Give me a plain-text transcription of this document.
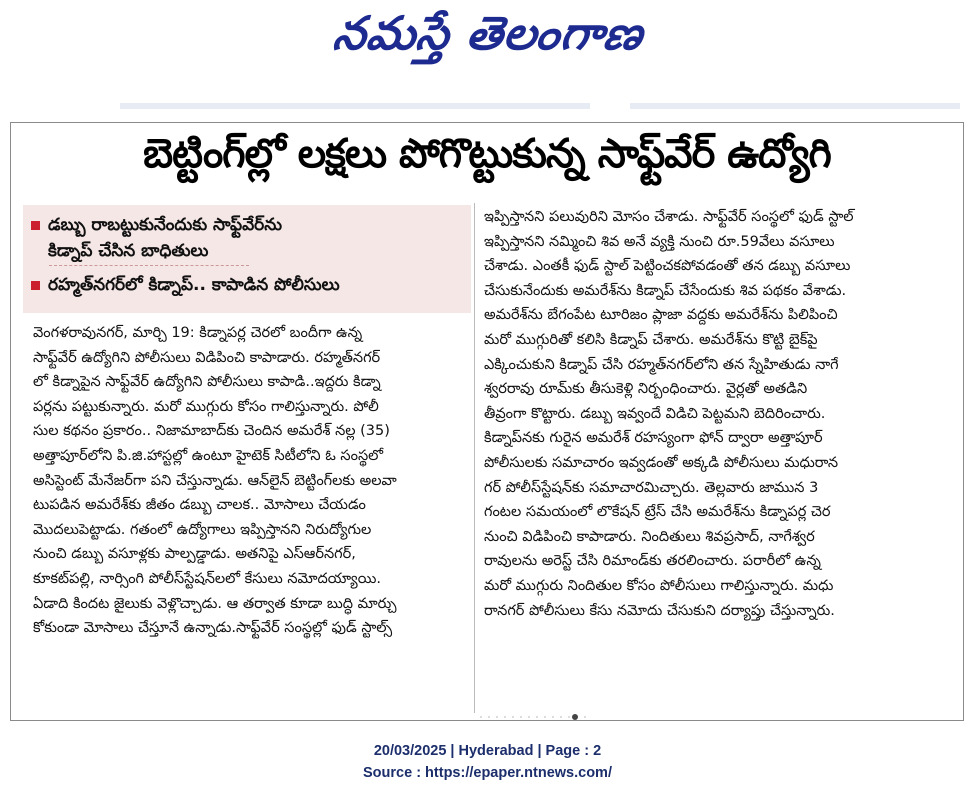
నమస్తే తెలంగాణ
బెట్టింగ్‌ల్లో లక్షలు పోగొట్టుకున్న సాఫ్ట్‌వేర్ ఉద్యోగి
డబ్బు రాబట్టుకునేందుకు సాఫ్ట్‌వేర్‌ను
కిడ్నాప్ చేసిన బాధితులు
రహ్మత్‌నగర్‌లో కిడ్నాప్.. కాపాడిన పోలీసులు
వెంగళరావునగర్, మార్చి 19: కిడ్నాపర్ల చెరలో బందీగా ఉన్న
సాఫ్ట్‌వేర్ ఉద్యోగిని పోలీసులు విడిపించి కాపాడారు. రహ్మత్‌నగర్
లో కిడ్నాపైన సాఫ్ట్‌వేర్ ఉద్యోగిని పోలీసులు కాపాడి..ఇద్దరు కిడ్నా
పర్లను పట్టుకున్నారు. మరో ముగ్గురు కోసం గాలిస్తున్నారు. పోలీ
సుల కథనం ప్రకారం.. నిజామాబాద్‌కు చెందిన అమరేశ్ నల్ల (35)
అత్తాపూర్‌లోని పి.జి.హాస్టల్లో ఉంటూ హైటెక్ సిటీలోని ఓ సంస్థలో
అసిస్టెంట్ మేనేజర్‌గా పని చేస్తున్నాడు. ఆన్‌లైన్ బెట్టింగ్‌లకు అలవా
టుపడిన అమరేశ్‌కు జీతం డబ్బు చాలక.. మోసాలు చేయడం
మొదలుపెట్టాడు. గతంలో ఉద్యోగాలు ఇప్పిస్తానని నిరుద్యోగుల
నుంచి డబ్బు వసూళ్లకు పాల్పడ్డాడు. అతనిపై ఎస్‌ఆర్‌నగర్,
కూకట్‌పల్లి, నార్సింగి పోలీస్‌స్టేషన్‌లలో కేసులు నమోదయ్యాయి.
ఏడాది కిందట జైలుకు వెళ్లొచ్చాడు. ఆ తర్వాత కూడా బుద్ధి మార్చు
కోకుండా మోసాలు చేస్తూనే ఉన్నాడు.సాఫ్ట్‌వేర్ సంస్థల్లో ఫుడ్ స్టాల్స్
ఇప్పిస్తానని పలువురిని మోసం చేశాడు. సాఫ్ట్‌వేర్ సంస్థలో ఫుడ్ స్టాల్
ఇప్పిస్తానని నమ్మించి శివ అనే వ్యక్తి నుంచి రూ.59వేలు వసూలు
చేశాడు. ఎంతకీ ఫుడ్ స్టాల్ పెట్టించకపోవడంతో తన డబ్బు వసూలు
చేసుకునేందుకు అమరేశ్‌ను కిడ్నాప్ చేసేందుకు శివ పథకం వేశాడు.
అమరేశ్‌ను బేగంపేట టూరిజం ప్లాజా వద్దకు అమరేశ్‌ను పిలిపించి
మరో ముగ్గురితో కలిసి కిడ్నాప్ చేశారు. అమరేశ్‌ను కొట్టి బైక్‌పై
ఎక్కించుకుని కిడ్నాప్ చేసి రహ్మత్‌నగర్‌లోని తన స్నేహితుడు నాగే
శ్వరరావు రూమ్‌కు తీసుకెళ్లి నిర్బంధించారు. వైర్లతో అతడిని
తీవ్రంగా కొట్టారు. డబ్బు ఇవ్వందే విడిచి పెట్టమని బెదిరించారు.
కిడ్నాప్‌నకు గురైన అమరేశ్ రహస్యంగా ఫోన్ ద్వారా అత్తాపూర్
పోలీసులకు సమాచారం ఇవ్వడంతో అక్కడి పోలీసులు మధురాన
గర్ పోలీస్‌స్టేషన్‌కు సమాచారమిచ్చారు. తెల్లవారు జామున 3
గంటల సమయంలో లొకేషన్ ట్రేస్ చేసి అమరేశ్‌ను కిడ్నాపర్ల చెర
నుంచి విడిపించి కాపాడారు. నిందితులు శివప్రసాద్, నాగేశ్వర
రావులను అరెస్ట్ చేసి రిమాండ్‌కు తరలించారు. పరారీలో ఉన్న
మరో ముగ్గురు నిందితుల కోసం పోలీసులు గాలిస్తున్నారు. మధు
రానగర్ పోలీసులు కేసు నమోదు చేసుకుని దర్యాప్తు చేస్తున్నారు.
20/03/2025 | Hyderabad | Page : 2
Source : https://epaper.ntnews.com/
